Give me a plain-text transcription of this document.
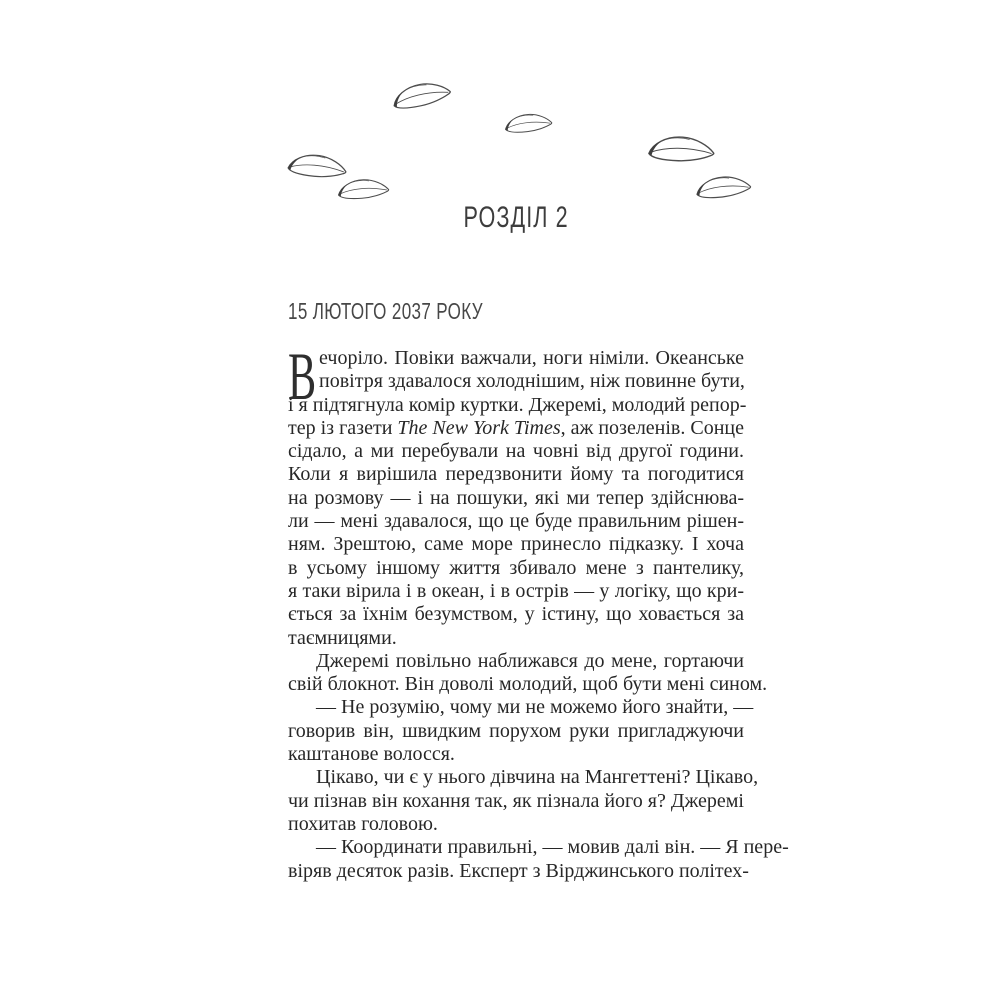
РОЗДІЛ 2
15 ЛЮТОГО 2037 РОКУ
В ечоріло. Повіки важчали, ноги німіли. Океанське
повітря здавалося холоднішим, ніж повинне бути,
і я підтягнула комір куртки. Джеремі, молодий репор-
тер із газети The New York Times, аж позеленів. Сонце
сідало, а ми перебували на човні від другої години.
Коли я вирішила передзвонити йому та погодитися
на розмову — і на пошуки, які ми тепер здійснюва-
ли — мені здавалося, що це буде правильним рішен-
ням. Зрештою, саме море принесло підказку. І хоча
в усьому іншому життя збивало мене з пантелику,
я таки вірила і в океан, і в острів — у логіку, що кри-
ється за їхнім безумством, у істину, що ховається за
таємницями.
Джеремі повільно наближався до мене, гортаючи
свій блокнот. Він доволі молодий, щоб бути мені сином.
— Не розумію, чому ми не можемо його знайти, —
говорив він, швидким порухом руки пригладжуючи
каштанове волосся.
Цікаво, чи є у нього дівчина на Мангеттені? Цікаво,
чи пізнав він кохання так, як пізнала його я? Джеремі
похитав головою.
— Координати правильні, — мовив далі він. — Я пере-
віряв десяток разів. Експерт з Вірджинського політех-
